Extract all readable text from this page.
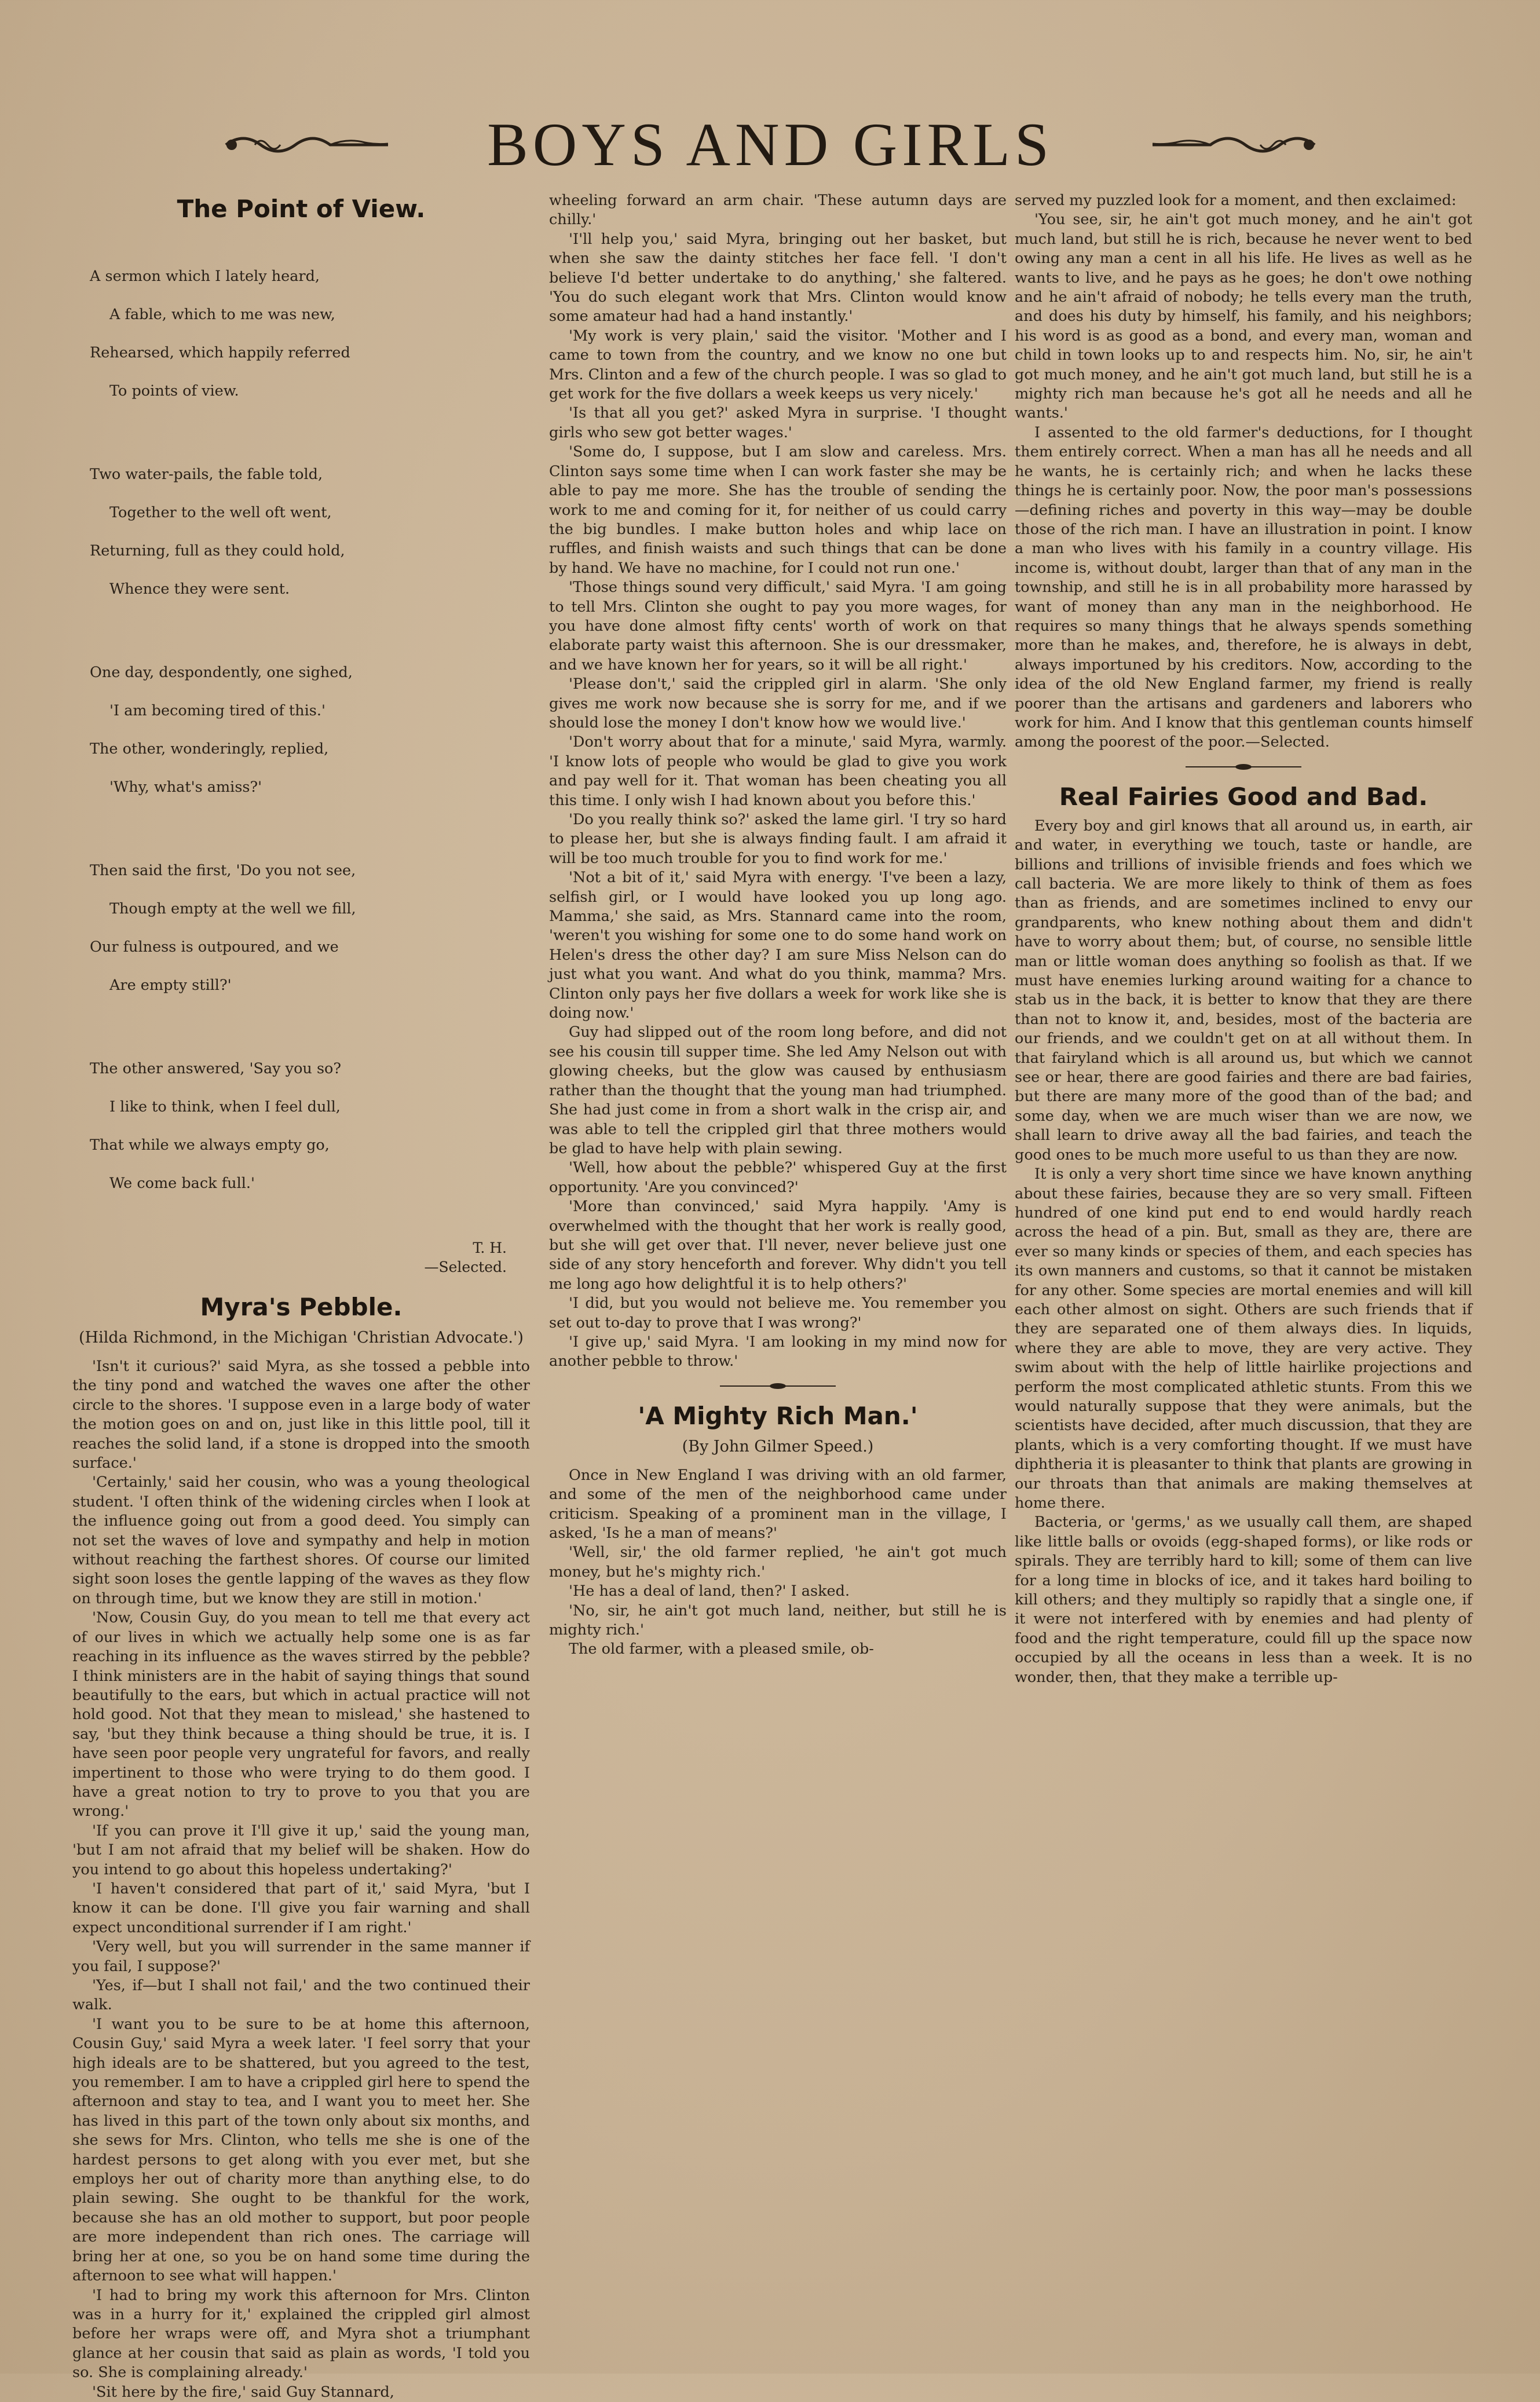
BOYS AND GIRLS
The Point of View.

A sermon which I lately heard,

A fable, which to me was new,

Rehearsed, which happily referred

To points of view.

Two water-pails, the fable told,

Together to the well oft went,

Returning, full as they could hold,

Whence they were sent.

One day, despondently, one sighed,

'I am becoming tired of this.'

The other, wonderingly, replied,

'Why, what's amiss?'

Then said the first, 'Do you not see,

Though empty at the well we fill,

Our fulness is outpoured, and we

Are empty still?'

The other answered, 'Say you so?

I like to think, when I feel dull,

That while we always empty go,

We come back full.'

T. H.
—Selected.
Myra's Pebble.
(Hilda Richmond, in the Michigan 'Christian Advocate.')

'Isn't it curious?' said Myra, as she tossed a pebble into the tiny pond and watched the waves one after the other circle to the shores. 'I suppose even in a large body of water the motion goes on and on, just like in this little pool, till it reaches the solid land, if a stone is dropped into the smooth surface.'

'Certainly,' said her cousin, who was a young theological student. 'I often think of the widening circles when I look at the influence going out from a good deed. You simply can not set the waves of love and sympathy and help in motion without reaching the farthest shores. Of course our limited sight soon loses the gentle lapping of the waves as they flow on through time, but we know they are still in motion.'

'Now, Cousin Guy, do you mean to tell me that every act of our lives in which we actually help some one is as far reaching in its influence as the waves stirred by the pebble? I think ministers are in the habit of saying things that sound beautifully to the ears, but which in actual practice will not hold good. Not that they mean to mislead,' she hastened to say, 'but they think because a thing should be true, it is. I have seen poor people very ungrateful for favors, and really impertinent to those who were trying to do them good. I have a great notion to try to prove to you that you are wrong.'

'If you can prove it I'll give it up,' said the young man, 'but I am not afraid that my belief will be shaken. How do you intend to go about this hopeless undertaking?'

'I haven't considered that part of it,' said Myra, 'but I know it can be done. I'll give you fair warning and shall expect unconditional surrender if I am right.'

'Very well, but you will surrender in the same manner if you fail, I suppose?'

'Yes, if—but I shall not fail,' and the two continued their walk.

'I want you to be sure to be at home this afternoon, Cousin Guy,' said Myra a week later. 'I feel sorry that your high ideals are to be shattered, but you agreed to the test, you remember. I am to have a crippled girl here to spend the afternoon and stay to tea, and I want you to meet her. She has lived in this part of the town only about six months, and she sews for Mrs. Clinton, who tells me she is one of the hardest persons to get along with you ever met, but she employs her out of charity more than anything else, to do plain sewing. She ought to be thankful for the work, because she has an old mother to support, but poor people are more independent than rich ones. The carriage will bring her at one, so you be on hand some time during the afternoon to see what will happen.'

'I had to bring my work this afternoon for Mrs. Clinton was in a hurry for it,' explained the crippled girl almost before her wraps were off, and Myra shot a triumphant glance at her cousin that said as plain as words, 'I told you so. She is complaining already.'

'Sit here by the fire,' said Guy Stannard,

wheeling forward an arm chair. 'These autumn days are chilly.'

'I'll help you,' said Myra, bringing out her basket, but when she saw the dainty stitches her face fell. 'I don't believe I'd better undertake to do anything,' she faltered. 'You do such elegant work that Mrs. Clinton would know some amateur had had a hand instantly.'

'My work is very plain,' said the visitor. 'Mother and I came to town from the country, and we know no one but Mrs. Clinton and a few of the church people. I was so glad to get work for the five dollars a week keeps us very nicely.'

'Is that all you get?' asked Myra in surprise. 'I thought girls who sew got better wages.'

'Some do, I suppose, but I am slow and careless. Mrs. Clinton says some time when I can work faster she may be able to pay me more. She has the trouble of sending the work to me and coming for it, for neither of us could carry the big bundles. I make button holes and whip lace on ruffles, and finish waists and such things that can be done by hand. We have no machine, for I could not run one.'

'Those things sound very difficult,' said Myra. 'I am going to tell Mrs. Clinton she ought to pay you more wages, for you have done almost fifty cents' worth of work on that elaborate party waist this afternoon. She is our dressmaker, and we have known her for years, so it will be all right.'

'Please don't,' said the crippled girl in alarm. 'She only gives me work now because she is sorry for me, and if we should lose the money I don't know how we would live.'

'Don't worry about that for a minute,' said Myra, warmly. 'I know lots of people who would be glad to give you work and pay well for it. That woman has been cheating you all this time. I only wish I had known about you before this.'

'Do you really think so?' asked the lame girl. 'I try so hard to please her, but she is always finding fault. I am afraid it will be too much trouble for you to find work for me.'

'Not a bit of it,' said Myra with energy. 'I've been a lazy, selfish girl, or I would have looked you up long ago. Mamma,' she said, as Mrs. Stannard came into the room, 'weren't you wishing for some one to do some hand work on Helen's dress the other day? I am sure Miss Nelson can do just what you want. And what do you think, mamma? Mrs. Clinton only pays her five dollars a week for work like she is doing now.'

Guy had slipped out of the room long before, and did not see his cousin till supper time. She led Amy Nelson out with glowing cheeks, but the glow was caused by enthusiasm rather than the thought that the young man had triumphed. She had just come in from a short walk in the crisp air, and was able to tell the crippled girl that three mothers would be glad to have help with plain sewing.

'Well, how about the pebble?' whispered Guy at the first opportunity. 'Are you convinced?'

'More than convinced,' said Myra happily. 'Amy is overwhelmed with the thought that her work is really good, but she will get over that. I'll never, never believe just one side of any story henceforth and forever. Why didn't you tell me long ago how delightful it is to help others?'

'I did, but you would not believe me. You remember you set out to-day to prove that I was wrong?'

'I give up,' said Myra. 'I am looking in my mind now for another pebble to throw.'

'A Mighty Rich Man.'
(By John Gilmer Speed.)

Once in New England I was driving with an old farmer, and some of the men of the neighborhood came under criticism. Speaking of a prominent man in the village, I asked, 'Is he a man of means?'

'Well, sir,' the old farmer replied, 'he ain't got much money, but he's mighty rich.'

'He has a deal of land, then?' I asked.

'No, sir, he ain't got much land, neither, but still he is mighty rich.'

The old farmer, with a pleased smile, ob-

served my puzzled look for a moment, and then exclaimed:

'You see, sir, he ain't got much money, and he ain't got much land, but still he is rich, because he never went to bed owing any man a cent in all his life. He lives as well as he wants to live, and he pays as he goes; he don't owe nothing and he ain't afraid of nobody; he tells every man the truth, and does his duty by himself, his family, and his neighbors; his word is as good as a bond, and every man, woman and child in town looks up to and respects him. No, sir, he ain't got much money, and he ain't got much land, but still he is a mighty rich man because he's got all he needs and all he wants.'

I assented to the old farmer's deductions, for I thought them entirely correct. When a man has all he needs and all he wants, he is certainly rich; and when he lacks these things he is certainly poor. Now, the poor man's possessions—defining riches and poverty in this way—may be double those of the rich man. I have an illustration in point. I know a man who lives with his family in a country village. His income is, without doubt, larger than that of any man in the township, and still he is in all probability more harassed by want of money than any man in the neighborhood. He requires so many things that he always spends something more than he makes, and, therefore, he is always in debt, always importuned by his creditors. Now, according to the idea of the old New England farmer, my friend is really poorer than the artisans and gardeners and laborers who work for him. And I know that this gentleman counts himself among the poorest of the poor.—Selected.

Real Fairies Good and Bad.

Every boy and girl knows that all around us, in earth, air and water, in everything we touch, taste or handle, are billions and trillions of invisible friends and foes which we call bacteria. We are more likely to think of them as foes than as friends, and are sometimes inclined to envy our grandparents, who knew nothing about them and didn't have to worry about them; but, of course, no sensible little man or little woman does anything so foolish as that. If we must have enemies lurking around waiting for a chance to stab us in the back, it is better to know that they are there than not to know it, and, besides, most of the bacteria are our friends, and we couldn't get on at all without them. In that fairyland which is all around us, but which we cannot see or hear, there are good fairies and there are bad fairies, but there are many more of the good than of the bad; and some day, when we are much wiser than we are now, we shall learn to drive away all the bad fairies, and teach the good ones to be much more useful to us than they are now.

It is only a very short time since we have known anything about these fairies, because they are so very small. Fifteen hundred of one kind put end to end would hardly reach across the head of a pin. But, small as they are, there are ever so many kinds or species of them, and each species has its own manners and customs, so that it cannot be mistaken for any other. Some species are mortal enemies and will kill each other almost on sight. Others are such friends that if they are separated one of them always dies. In liquids, where they are able to move, they are very active. They swim about with the help of little hairlike projections and perform the most complicated athletic stunts. From this we would naturally suppose that they were animals, but the scientists have decided, after much discussion, that they are plants, which is a very comforting thought. If we must have diphtheria it is pleasanter to think that plants are growing in our throats than that animals are making themselves at home there.

Bacteria, or 'germs,' as we usually call them, are shaped like little balls or ovoids (egg-shaped forms), or like rods or spirals. They are terribly hard to kill; some of them can live for a long time in blocks of ice, and it takes hard boiling to kill others; and they multiply so rapidly that a single one, if it were not interfered with by enemies and had plenty of food and the right temperature, could fill up the space now occupied by all the oceans in less than a week. It is no wonder, then, that they make a terrible up-
